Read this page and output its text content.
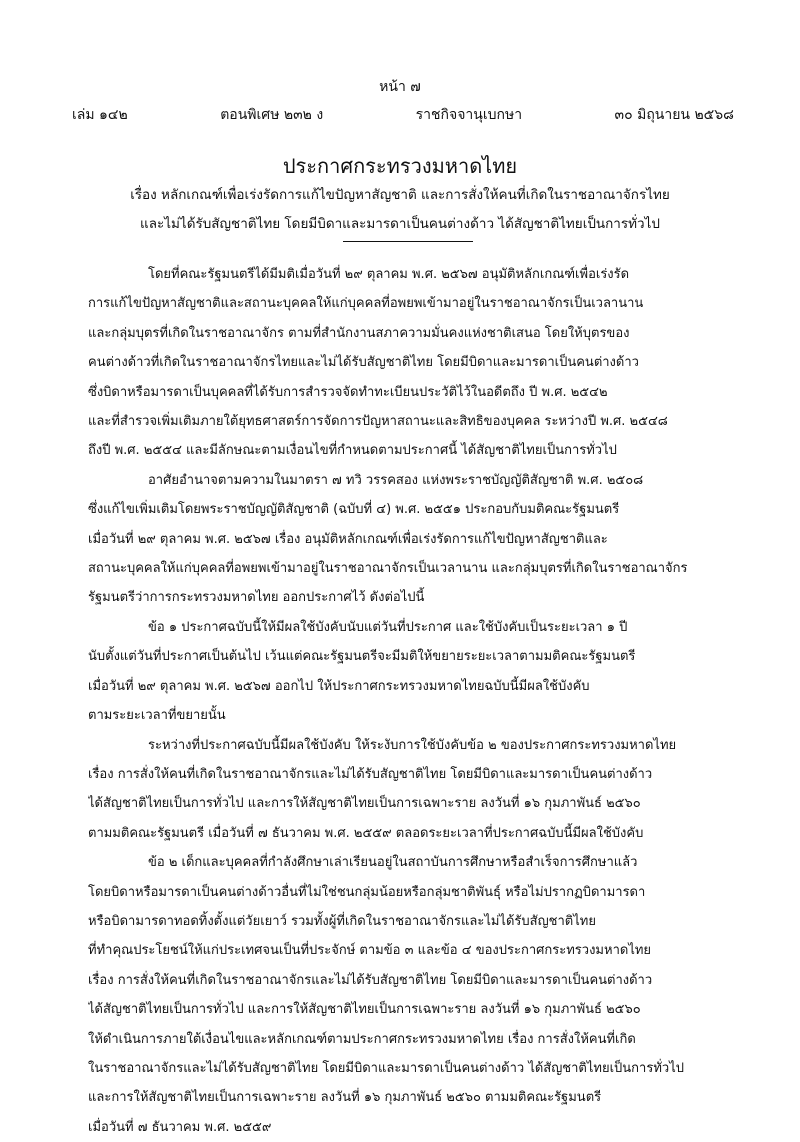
หน้า ๗
เล่ม ๑๔๒	ตอนพิเศษ ๒๓๒ ง	ราชกิจจานุเบกษา	๓๐ มิถุนายน ๒๕๖๘
ประกาศกระทรวงมหาดไทย
เรื่อง หลักเกณฑ์เพื่อเร่งรัดการแก้ไขปัญหาสัญชาติ และการสั่งให้คนที่เกิดในราชอาณาจักรไทย
และไม่ได้รับสัญชาติไทย โดยมีบิดาและมารดาเป็นคนต่างด้าว ได้สัญชาติไทยเป็นการทั่วไป

โดยที่คณะรัฐมนตรีได้มีมติเมื่อวันที่ ๒๙ ตุลาคม พ.ศ. ๒๕๖๗ อนุมัติหลักเกณฑ์เพื่อเร่งรัด
การแก้ไขปัญหาสัญชาติและสถานะบุคคลให้แก่บุคคลที่อพยพเข้ามาอยู่ในราชอาณาจักรเป็นเวลานาน
และกลุ่มบุตรที่เกิดในราชอาณาจักร ตามที่สำนักงานสภาความมั่นคงแห่งชาติเสนอ โดยให้บุตรของ
คนต่างด้าวที่เกิดในราชอาณาจักรไทยและไม่ได้รับสัญชาติไทย โดยมีบิดาและมารดาเป็นคนต่างด้าว
ซึ่งบิดาหรือมารดาเป็นบุคคลที่ได้รับการสำรวจจัดทำทะเบียนประวัติไว้ในอดีตถึง ปี พ.ศ. ๒๕๔๒
และที่สำรวจเพิ่มเติมภายใต้ยุทธศาสตร์การจัดการปัญหาสถานะและสิทธิของบุคคล ระหว่างปี พ.ศ. ๒๕๔๘
ถึงปี พ.ศ. ๒๕๕๔ และมีลักษณะตามเงื่อนไขที่กำหนดตามประกาศนี้ ได้สัญชาติไทยเป็นการทั่วไป

อาศัยอำนาจตามความในมาตรา ๗ ทวิ วรรคสอง แห่งพระราชบัญญัติสัญชาติ พ.ศ. ๒๕๐๘
ซึ่งแก้ไขเพิ่มเติมโดยพระราชบัญญัติสัญชาติ (ฉบับที่ ๔) พ.ศ. ๒๕๕๑ ประกอบกับมติคณะรัฐมนตรี
เมื่อวันที่ ๒๙ ตุลาคม พ.ศ. ๒๕๖๗ เรื่อง อนุมัติหลักเกณฑ์เพื่อเร่งรัดการแก้ไขปัญหาสัญชาติและ
สถานะบุคคลให้แก่บุคคลที่อพยพเข้ามาอยู่ในราชอาณาจักรเป็นเวลานาน และกลุ่มบุตรที่เกิดในราชอาณาจักร
รัฐมนตรีว่าการกระทรวงมหาดไทย ออกประกาศไว้ ดังต่อไปนี้

ข้อ ๑ ประกาศฉบับนี้ให้มีผลใช้บังคับนับแต่วันที่ประกาศ และใช้บังคับเป็นระยะเวลา ๑ ปี
นับตั้งแต่วันที่ประกาศเป็นต้นไป เว้นแต่คณะรัฐมนตรีจะมีมติให้ขยายระยะเวลาตามมติคณะรัฐมนตรี
เมื่อวันที่ ๒๙ ตุลาคม พ.ศ. ๒๕๖๗ ออกไป ให้ประกาศกระทรวงมหาดไทยฉบับนี้มีผลใช้บังคับ
ตามระยะเวลาที่ขยายนั้น

ระหว่างที่ประกาศฉบับนี้มีผลใช้บังคับ ให้ระงับการใช้บังคับข้อ ๒ ของประกาศกระทรวงมหาดไทย
เรื่อง การสั่งให้คนที่เกิดในราชอาณาจักรและไม่ได้รับสัญชาติไทย โดยมีบิดาและมารดาเป็นคนต่างด้าว
ได้สัญชาติไทยเป็นการทั่วไป และการให้สัญชาติไทยเป็นการเฉพาะราย ลงวันที่ ๑๖ กุมภาพันธ์ ๒๕๖๐
ตามมติคณะรัฐมนตรี เมื่อวันที่ ๗ ธันวาคม พ.ศ. ๒๕๕๙ ตลอดระยะเวลาที่ประกาศฉบับนี้มีผลใช้บังคับ

ข้อ ๒ เด็กและบุคคลที่กำลังศึกษาเล่าเรียนอยู่ในสถาบันการศึกษาหรือสำเร็จการศึกษาแล้ว
โดยบิดาหรือมารดาเป็นคนต่างด้าวอื่นที่ไม่ใช่ชนกลุ่มน้อยหรือกลุ่มชาติพันธุ์ หรือไม่ปรากฏบิดามารดา
หรือบิดามารดาทอดทิ้งตั้งแต่วัยเยาว์ รวมทั้งผู้ที่เกิดในราชอาณาจักรและไม่ได้รับสัญชาติไทย
ที่ทำคุณประโยชน์ให้แก่ประเทศจนเป็นที่ประจักษ์ ตามข้อ ๓ และข้อ ๔ ของประกาศกระทรวงมหาดไทย
เรื่อง การสั่งให้คนที่เกิดในราชอาณาจักรและไม่ได้รับสัญชาติไทย โดยมีบิดาและมารดาเป็นคนต่างด้าว
ได้สัญชาติไทยเป็นการทั่วไป และการให้สัญชาติไทยเป็นการเฉพาะราย ลงวันที่ ๑๖ กุมภาพันธ์ ๒๕๖๐
ให้ดำเนินการภายใต้เงื่อนไขและหลักเกณฑ์ตามประกาศกระทรวงมหาดไทย เรื่อง การสั่งให้คนที่เกิด
ในราชอาณาจักรและไม่ได้รับสัญชาติไทย โดยมีบิดาและมารดาเป็นคนต่างด้าว ได้สัญชาติไทยเป็นการทั่วไป
และการให้สัญชาติไทยเป็นการเฉพาะราย ลงวันที่ ๑๖ กุมภาพันธ์ ๒๕๖๐ ตามมติคณะรัฐมนตรี
เมื่อวันที่ ๗ ธันวาคม พ.ศ. ๒๕๕๙
